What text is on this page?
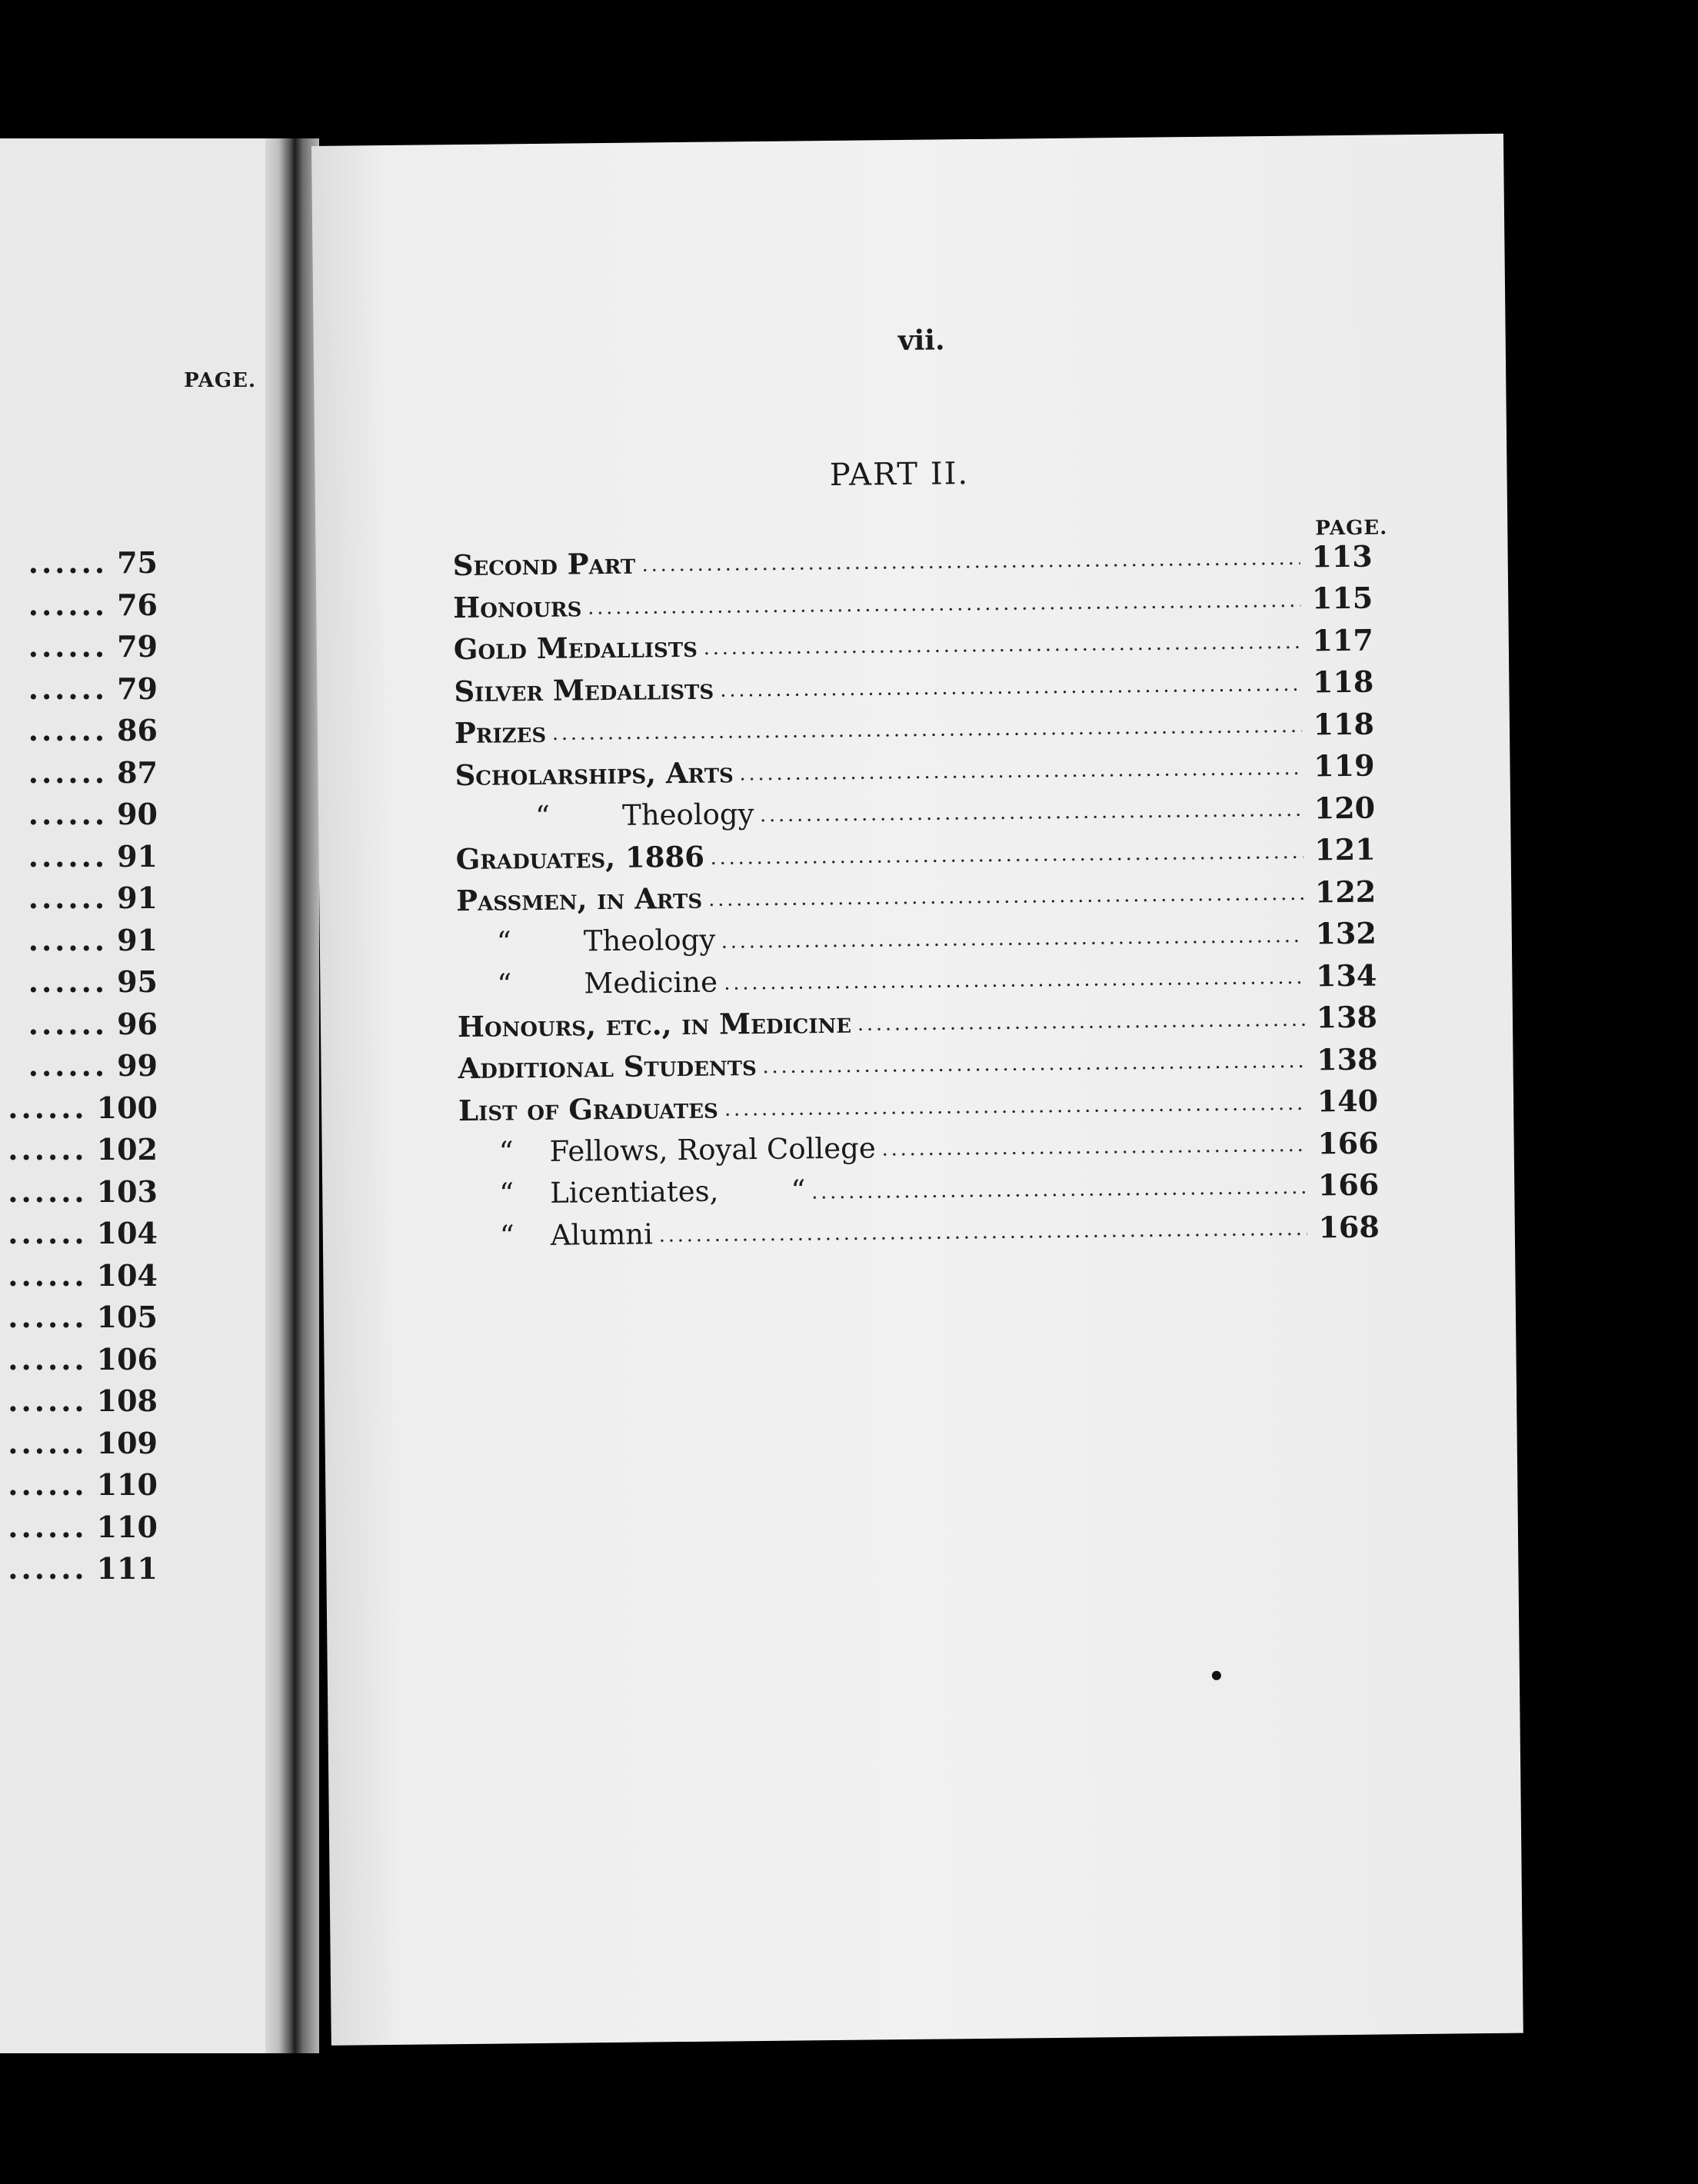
PAGE.
...... 75
...... 76
...... 79
...... 79
...... 86
...... 87
...... 90
...... 91
...... 91
...... 91
...... 95
...... 96
...... 99
...... 100
...... 102
...... 103
...... 104
...... 104
...... 105
...... 106
...... 108
...... 109
...... 110
...... 110
...... 111
vii.
PART II.
PAGE.
Second Part	113
Honours	115
Gold Medallists	117
Silver Medallists	118
Prizes	118
Scholarships, Arts	119
“        Theology	120
Graduates, 1886	121
Passmen, in Arts	122
“        Theology	132
“        Medicine	134
Honours, etc., in Medicine	138
Additional Students	138
List of Graduates	140
“    Fellows, Royal College	166
“    Licentiates,        “	166
“    Alumni	168
